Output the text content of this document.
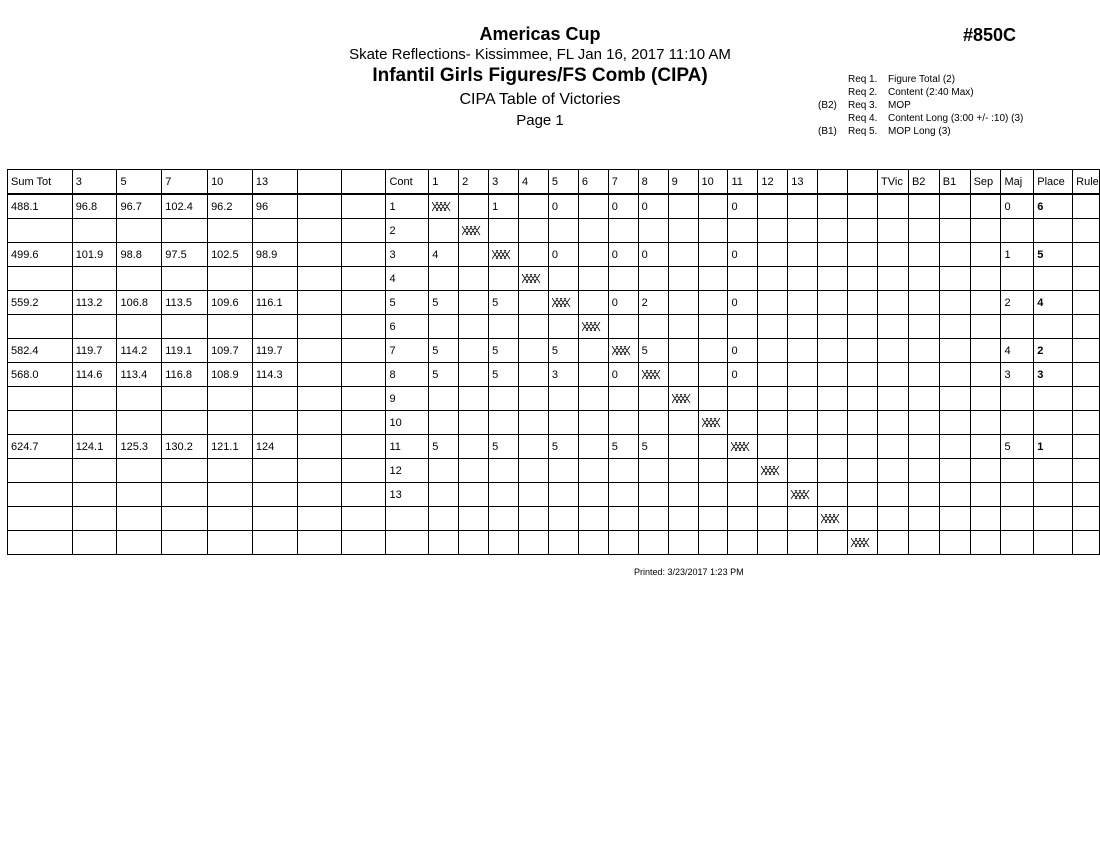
Americas Cup
Skate Reflections- Kissimmee, FL Jan 16, 2017 11:10 AM
Infantil Girls Figures/FS Comb (CIPA)
CIPA Table of Victories
Page 1
#850C
Req 1. Figure Total (2)
Req 2. Content (2:40 Max)
(B2) Req 3. MOP
Req 4. Content Long (3:00 +/- :10) (3)
(B1) Req 5. MOP Long (3)
Sum Tot	3	5	7	10	13			Cont	1	2	3	4	5	6	7	8	9	10	11	12	13			TVic	B2	B1	Sep	Maj	Place	Rule
488.1	96.8	96.7	102.4	96.2	96			1			1		0		0	0			0									0	6	
								2																						
499.6	101.9	98.8	97.5	102.5	98.9			3	4				0		0	0			0									1	5	
								4																						
559.2	113.2	106.8	113.5	109.6	116.1			5	5		5				0	2			0									2	4	
								6																						
582.4	119.7	114.2	119.1	109.7	119.7			7	5		5		5			5			0									4	2	
568.0	114.6	113.4	116.8	108.9	114.3			8	5		5		3		0				0									3	3	
								9																						
								10																						
624.7	124.1	125.3	130.2	121.1	124			11	5		5		5		5	5												5	1	
								12																						
								13																						

Printed: 3/23/2017 1:23 PM
